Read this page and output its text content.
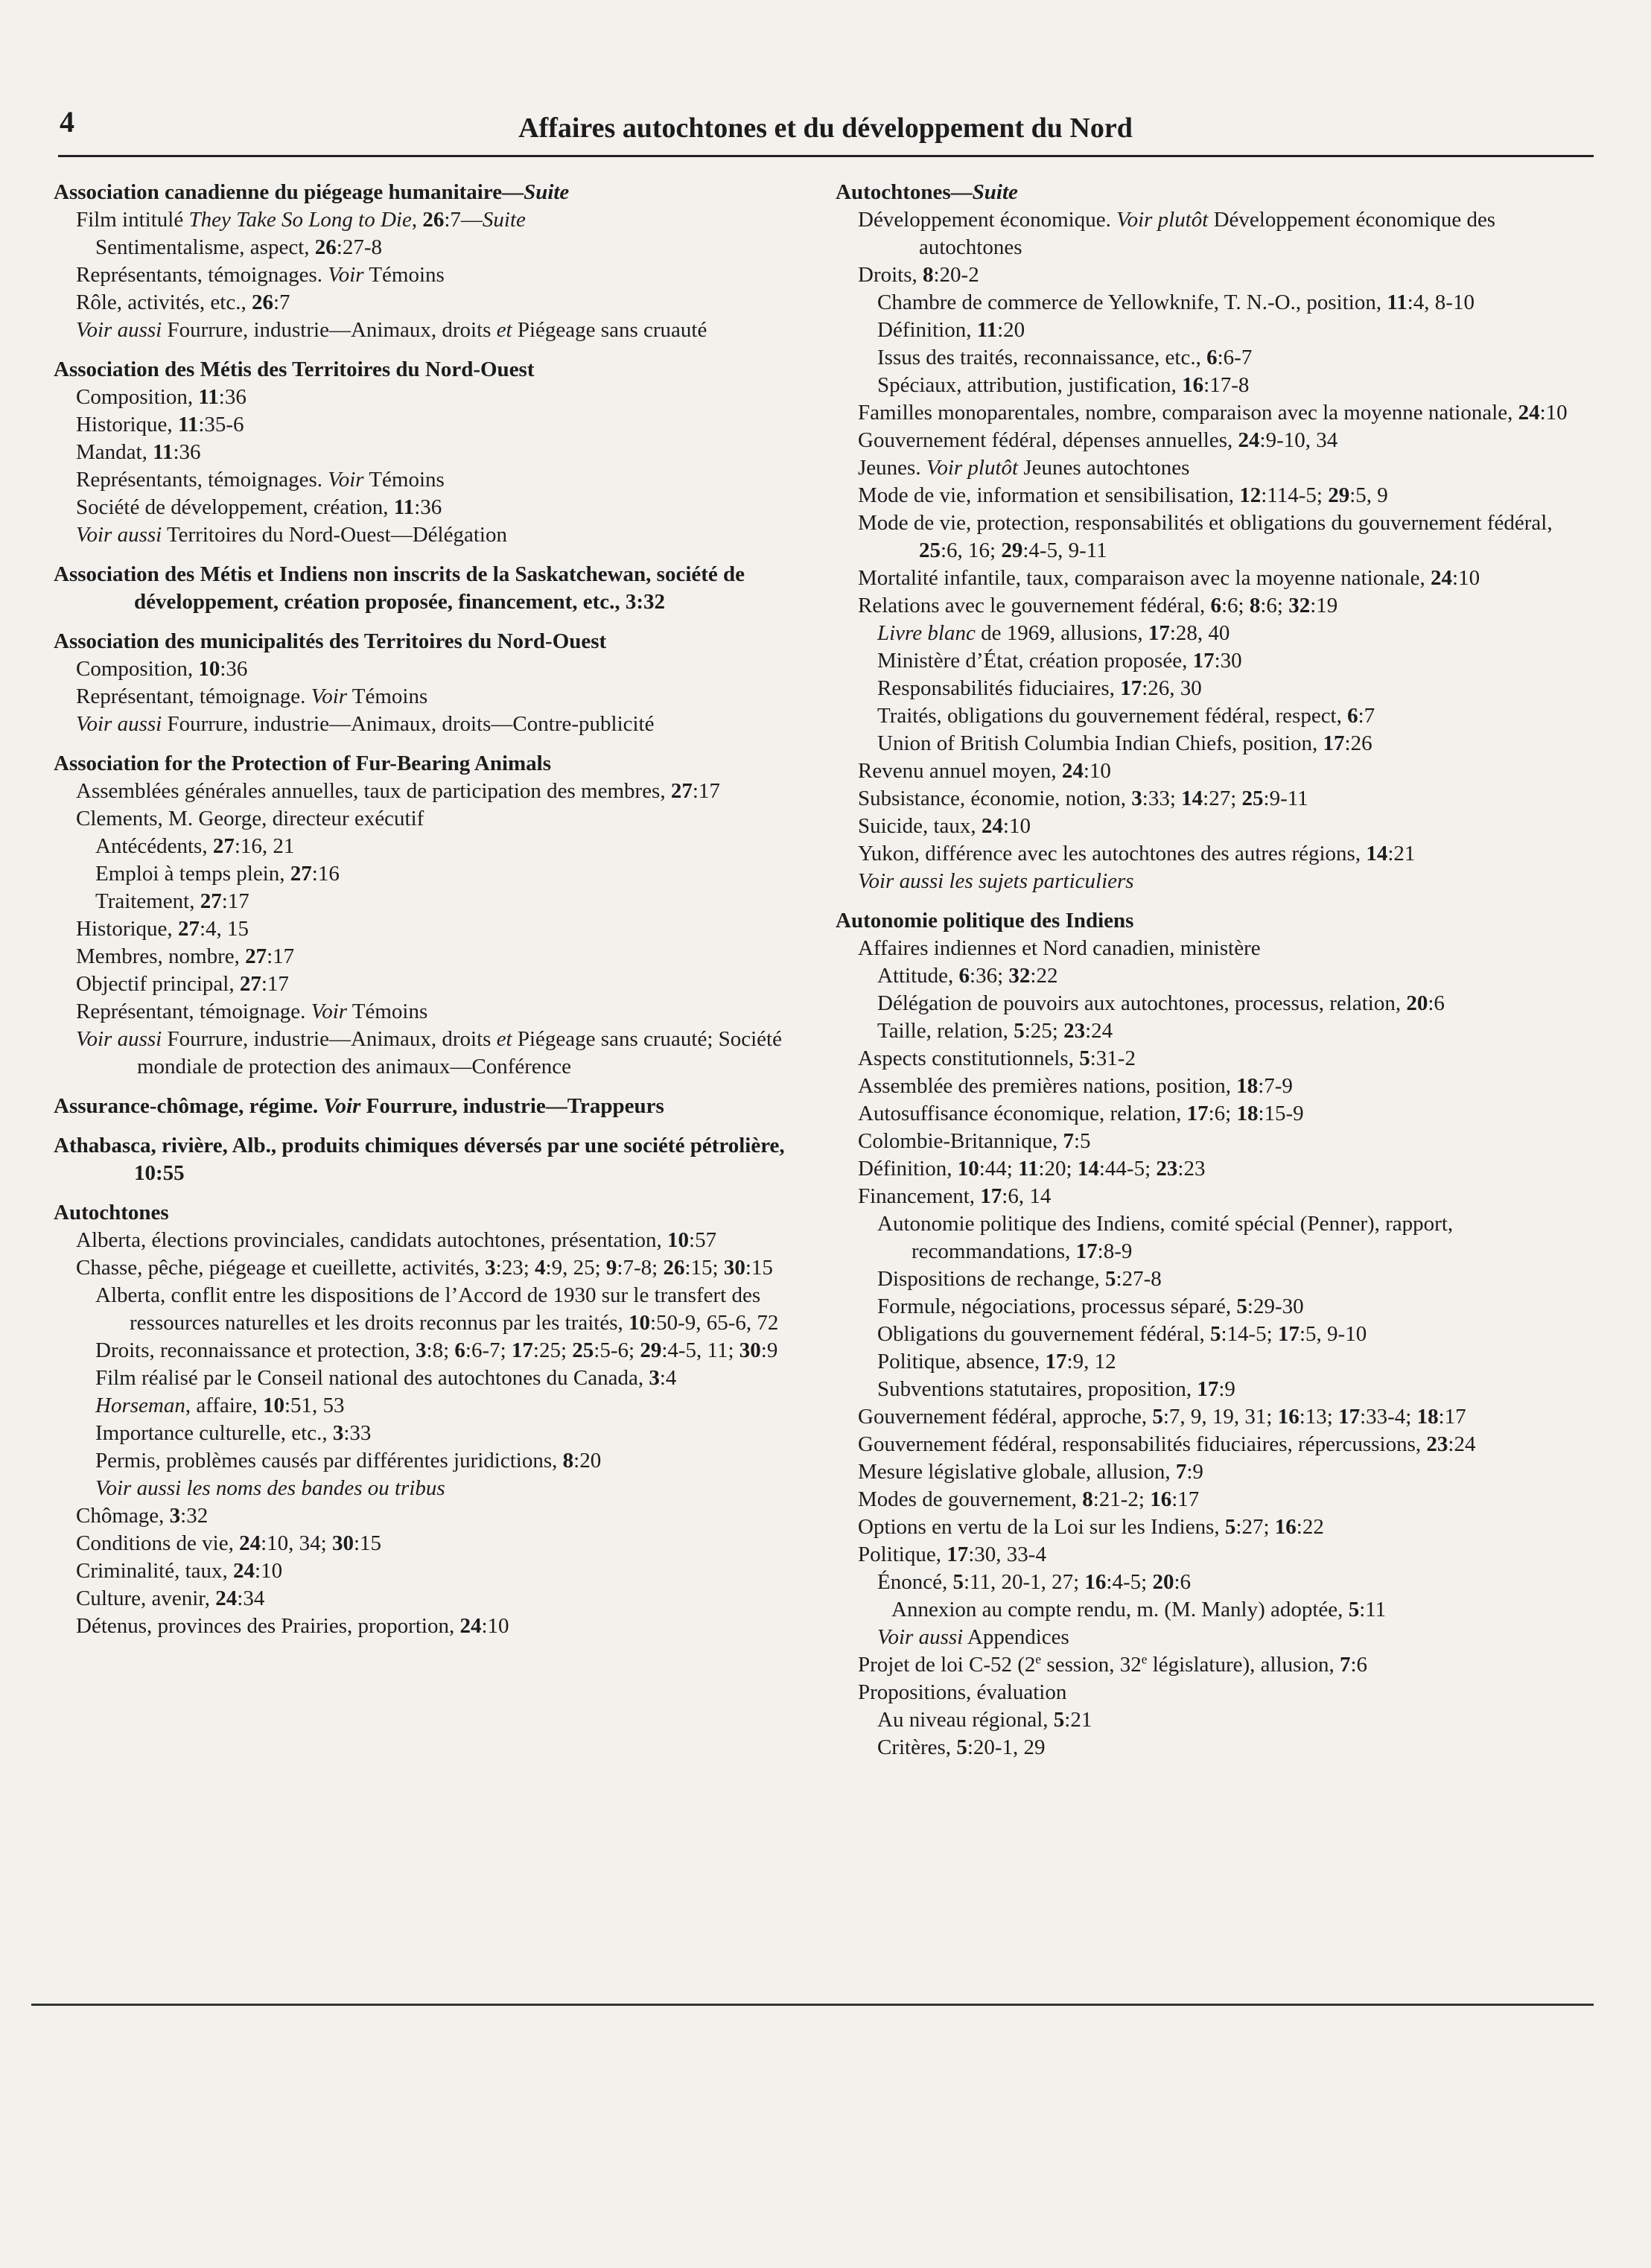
4	Affaires autochtones et du développement du Nord
Association canadienne du piégeage humanitaire—Suite
Film intitulé They Take So Long to Die, 26:7—Suite
Sentimentalisme, aspect, 26:27-8
Représentants, témoignages. Voir Témoins
Rôle, activités, etc., 26:7
Voir aussi Fourrure, industrie—Animaux, droits et Piégeage sans cruauté
Association des Métis des Territoires du Nord-Ouest
Composition, 11:36
Historique, 11:35-6
Mandat, 11:36
Représentants, témoignages. Voir Témoins
Société de développement, création, 11:36
Voir aussi Territoires du Nord-Ouest—Délégation
Association des Métis et Indiens non inscrits de la Saskatchewan, société de développement, création proposée, financement, etc., 3:32
Association des municipalités des Territoires du Nord-Ouest
Composition, 10:36
Représentant, témoignage. Voir Témoins
Voir aussi Fourrure, industrie—Animaux, droits—Contre-publicité
Association for the Protection of Fur-Bearing Animals
Assemblées générales annuelles, taux de participation des membres, 27:17
Clements, M. George, directeur exécutif
Antécédents, 27:16, 21
Emploi à temps plein, 27:16
Traitement, 27:17
Historique, 27:4, 15
Membres, nombre, 27:17
Objectif principal, 27:17
Représentant, témoignage. Voir Témoins
Voir aussi Fourrure, industrie—Animaux, droits et Piégeage sans cruauté; Société mondiale de protection des animaux—Conférence
Assurance-chômage, régime. Voir Fourrure, industrie—Trappeurs
Athabasca, rivière, Alb., produits chimiques déversés par une société pétrolière, 10:55
Autochtones
Alberta, élections provinciales, candidats autochtones, présentation, 10:57
Chasse, pêche, piégeage et cueillette, activités, 3:23; 4:9, 25; 9:7-8; 26:15; 30:15
Alberta, conflit entre les dispositions de l’Accord de 1930 sur le transfert des ressources naturelles et les droits reconnus par les traités, 10:50-9, 65-6, 72
Droits, reconnaissance et protection, 3:8; 6:6-7; 17:25; 25:5-6; 29:4-5, 11; 30:9
Film réalisé par le Conseil national des autochtones du Canada, 3:4
Horseman, affaire, 10:51, 53
Importance culturelle, etc., 3:33
Permis, problèmes causés par différentes juridictions, 8:20
Voir aussi les noms des bandes ou tribus
Chômage, 3:32
Conditions de vie, 24:10, 34; 30:15
Criminalité, taux, 24:10
Culture, avenir, 24:34
Détenus, provinces des Prairies, proportion, 24:10
Autochtones—Suite
Développement économique. Voir plutôt Développement économique des autochtones
Droits, 8:20-2
Chambre de commerce de Yellowknife, T. N.-O., position, 11:4, 8-10
Définition, 11:20
Issus des traités, reconnaissance, etc., 6:6-7
Spéciaux, attribution, justification, 16:17-8
Familles monoparentales, nombre, comparaison avec la moyenne nationale, 24:10
Gouvernement fédéral, dépenses annuelles, 24:9-10, 34
Jeunes. Voir plutôt Jeunes autochtones
Mode de vie, information et sensibilisation, 12:114-5; 29:5, 9
Mode de vie, protection, responsabilités et obligations du gouvernement fédéral, 25:6, 16; 29:4-5, 9-11
Mortalité infantile, taux, comparaison avec la moyenne nationale, 24:10
Relations avec le gouvernement fédéral, 6:6; 8:6; 32:19
Livre blanc de 1969, allusions, 17:28, 40
Ministère d’État, création proposée, 17:30
Responsabilités fiduciaires, 17:26, 30
Traités, obligations du gouvernement fédéral, respect, 6:7
Union of British Columbia Indian Chiefs, position, 17:26
Revenu annuel moyen, 24:10
Subsistance, économie, notion, 3:33; 14:27; 25:9-11
Suicide, taux, 24:10
Yukon, différence avec les autochtones des autres régions, 14:21
Voir aussi les sujets particuliers
Autonomie politique des Indiens
Affaires indiennes et Nord canadien, ministère
Attitude, 6:36; 32:22
Délégation de pouvoirs aux autochtones, processus, relation, 20:6
Taille, relation, 5:25; 23:24
Aspects constitutionnels, 5:31-2
Assemblée des premières nations, position, 18:7-9
Autosuffisance économique, relation, 17:6; 18:15-9
Colombie-Britannique, 7:5
Définition, 10:44; 11:20; 14:44-5; 23:23
Financement, 17:6, 14
Autonomie politique des Indiens, comité spécial (Penner), rapport, recommandations, 17:8-9
Dispositions de rechange, 5:27-8
Formule, négociations, processus séparé, 5:29-30
Obligations du gouvernement fédéral, 5:14-5; 17:5, 9-10
Politique, absence, 17:9, 12
Subventions statutaires, proposition, 17:9
Gouvernement fédéral, approche, 5:7, 9, 19, 31; 16:13; 17:33-4; 18:17
Gouvernement fédéral, responsabilités fiduciaires, répercussions, 23:24
Mesure législative globale, allusion, 7:9
Modes de gouvernement, 8:21-2; 16:17
Options en vertu de la Loi sur les Indiens, 5:27; 16:22
Politique, 17:30, 33-4
Énoncé, 5:11, 20-1, 27; 16:4-5; 20:6
Annexion au compte rendu, m. (M. Manly) adoptée, 5:11
Voir aussi Appendices
Projet de loi C-52 (2e session, 32e législature), allusion, 7:6
Propositions, évaluation
Au niveau régional, 5:21
Critères, 5:20-1, 29
